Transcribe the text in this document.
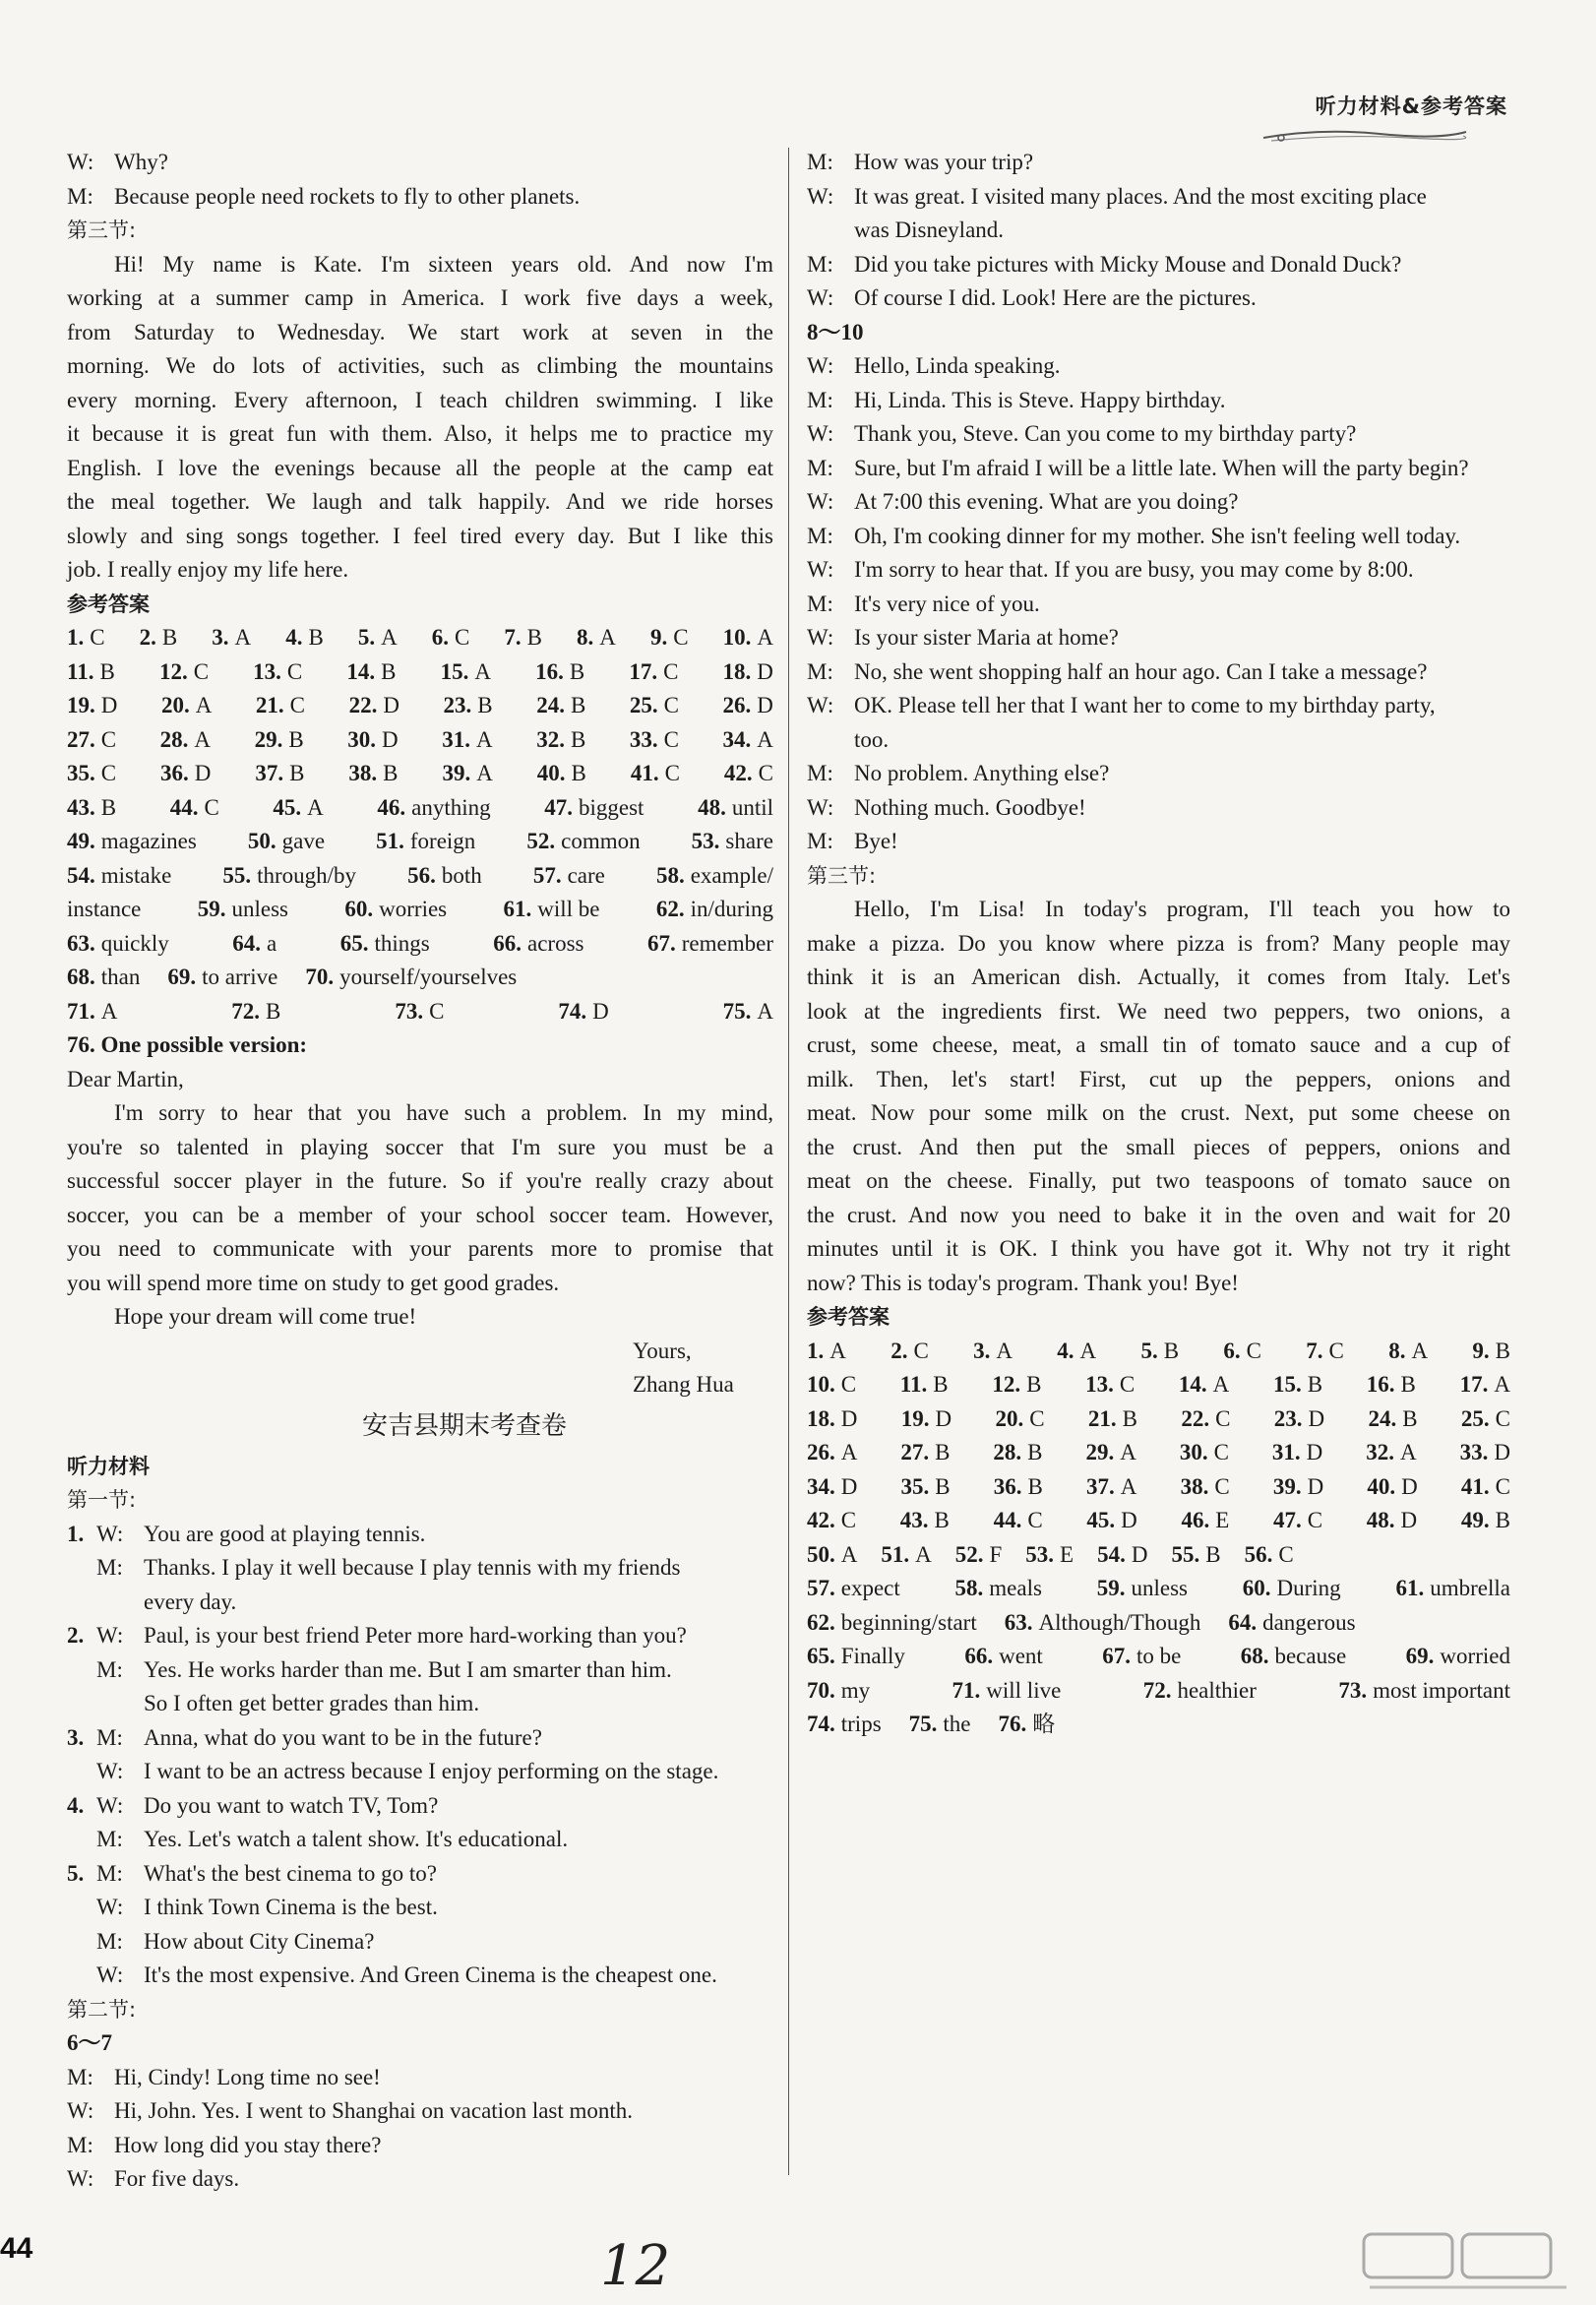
听力材料&参考答案
W: Why?
M: Because people need rockets to fly to other planets.
第三节:
Hi! My name is Kate. I'm sixteen years old. And now I'm
working at a summer camp in America. I work five days a week,
from Saturday to Wednesday. We start work at seven in the
morning. We do lots of activities, such as climbing the mountains
every morning. Every afternoon, I teach children swimming. I like
it because it is great fun with them. Also, it helps me to practice my
English. I love the evenings because all the people at the camp eat
the meal together. We laugh and talk happily. And we ride horses
slowly and sing songs together. I feel tired every day. But I like this
job. I really enjoy my life here.
参考答案
1. C 2. B 3. A 4. B 5. A 6. C 7. B 8. A 9. C 10. A
11. B 12. C 13. C 14. B 15. A 16. B 17. C 18. D
19. D 20. A 21. C 22. D 23. B 24. B 25. C 26. D
27. C 28. A 29. B 30. D 31. A 32. B 33. C 34. A
35. C 36. D 37. B 38. B 39. A 40. B 41. C 42. C
43. B 44. C 45. A 46. anything 47. biggest 48. until
49. magazines 50. gave 51. foreign 52. common 53. share
54. mistake 55. through/by 56. both 57. care 58. example/
instance 59. unless 60. worries 61. will be 62. in/during
63. quickly	64. a	65. things	66. across	67. remember
68. than 69. to arrive 70. yourself/yourselves
71. A	72. B	73. C	74. D	75. A
76. One possible version:
Dear Martin,
I'm sorry to hear that you have such a problem. In my mind,
you're so talented in playing soccer that I'm sure you must be a
successful soccer player in the future. So if you're really crazy about
soccer, you can be a member of your school soccer team. However,
you need to communicate with your parents more to promise that
you will spend more time on study to get good grades.
Hope your dream will come true!
Yours,
Zhang Hua
安吉县期末考查卷
听力材料
第一节:
1. W: You are good at playing tennis.
M: Thanks. I play it well because I play tennis with my friends
every day.
2. W: Paul, is your best friend Peter more hard-working than you?
M: Yes. He works harder than me. But I am smarter than him.
So I often get better grades than him.
3. M: Anna, what do you want to be in the future?
W: I want to be an actress because I enjoy performing on the stage.
4. W: Do you want to watch TV, Tom?
M: Yes. Let's watch a talent show. It's educational.
5. M: What's the best cinema to go to?
W: I think Town Cinema is the best.
M: How about City Cinema?
W: It's the most expensive. And Green Cinema is the cheapest one.
第二节:
6～7
M: Hi, Cindy! Long time no see!
W: Hi, John. Yes. I went to Shanghai on vacation last month.
M: How long did you stay there?
W: For five days.
M: How was your trip?
W: It was great. I visited many places. And the most exciting place
was Disneyland.
M: Did you take pictures with Micky Mouse and Donald Duck?
W: Of course I did. Look! Here are the pictures.
8～10
W: Hello, Linda speaking.
M: Hi, Linda. This is Steve. Happy birthday.
W: Thank you, Steve. Can you come to my birthday party?
M: Sure, but I'm afraid I will be a little late. When will the party begin?
W: At 7:00 this evening. What are you doing?
M: Oh, I'm cooking dinner for my mother. She isn't feeling well today.
W: I'm sorry to hear that. If you are busy, you may come by 8:00.
M: It's very nice of you.
W: Is your sister Maria at home?
M: No, she went shopping half an hour ago. Can I take a message?
W: OK. Please tell her that I want her to come to my birthday party,
too.
M: No problem. Anything else?
W: Nothing much. Goodbye!
M: Bye!
第三节:
Hello, I'm Lisa! In today's program, I'll teach you how to
make a pizza. Do you know where pizza is from? Many people may
think it is an American dish. Actually, it comes from Italy. Let's
look at the ingredients first. We need two peppers, two onions, a
crust, some cheese, meat, a small tin of tomato sauce and a cup of
milk. Then, let's start! First, cut up the peppers, onions and
meat. Now pour some milk on the crust. Next, put some cheese on
the crust. And then put the small pieces of peppers, onions and
meat on the cheese. Finally, put two teaspoons of tomato sauce on
the crust. And now you need to bake it in the oven and wait for 20
minutes until it is OK. I think you have got it. Why not try it right
now? This is today's program. Thank you! Bye!
参考答案
1. A 2. C 3. A 4. A 5. B 6. C 7. C 8. A 9. B
10. C 11. B 12. B 13. C 14. A 15. B 16. B 17. A
18. D 19. D 20. C 21. B 22. C 23. D 24. B 25. C
26. A 27. B 28. B 29. A 30. C 31. D 32. A 33. D
34. D 35. B 36. B 37. A 38. C 39. D 40. D 41. C
42. C 43. B 44. C 45. D 46. E 47. C 48. D 49. B
50. A 51. A 52. F 53. E 54. D 55. B 56. C
57. expect 58. meals 59. unless 60. During 61. umbrella
62. beginning/start 63. Although/Though 64. dangerous
65. Finally	66. went	67. to be	68. because	69. worried
70. my	71. will live	72. healthier	73. most important
74. trips 75. the 76. 略
44	12
